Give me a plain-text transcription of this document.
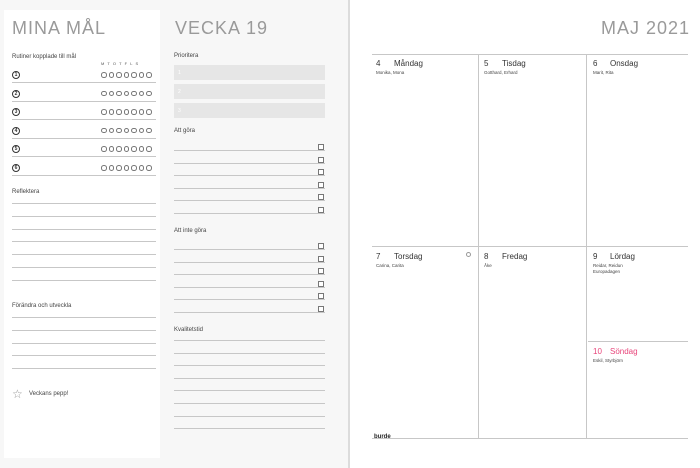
MINA MÅL
Rutiner kopplade till mål
MTOTFLS
1
2
3
4
5
6
Reflektera
Förändra och utveckla
☆ Veckans pepp!
VECKA 19
Prioritera
1
2
3
Att göra
Att inte göra
Kvalitetstid
MAJ 2021
4 Måndag
Monika, Mona
5 Tisdag
Gotthard, Erhard
6 Onsdag
Marit, Rita
7 Torsdag
Carina, Carita
8 Fredag
Åke
9 Lördag
Reidar, Reidun
Europadagen
10 Söndag
Eskil, Styrbjörn
burde
